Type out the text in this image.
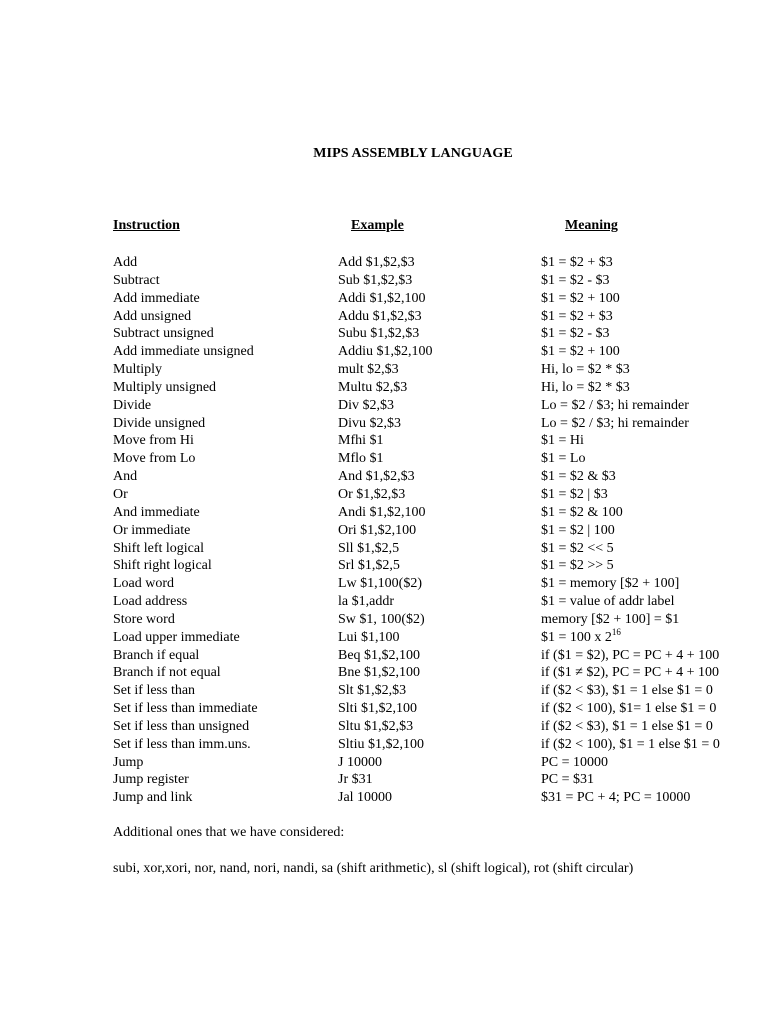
MIPS ASSEMBLY LANGUAGE
Instruction	Example	Meaning
Add	Add $1,$2,$3	$1 = $2 + $3
Subtract	Sub $1,$2,$3	$1 = $2 - $3
Add immediate	Addi $1,$2,100	$1 = $2 + 100
Add unsigned	Addu $1,$2,$3	$1 = $2 + $3
Subtract unsigned	Subu $1,$2,$3	$1 = $2 - $3
Add immediate unsigned	Addiu $1,$2,100	$1 = $2 + 100
Multiply	mult $2,$3	Hi, lo = $2 * $3
Multiply unsigned	Multu $2,$3	Hi, lo = $2 * $3
Divide	Div $2,$3	Lo = $2 / $3; hi remainder
Divide unsigned	Divu $2,$3	Lo = $2 / $3; hi remainder
Move from Hi	Mfhi $1	$1 = Hi
Move from Lo	Mflo $1	$1 = Lo
And	And $1,$2,$3	$1 = $2 & $3
Or	Or $1,$2,$3	$1 = $2 | $3
And immediate	Andi $1,$2,100	$1 = $2 & 100
Or immediate	Ori $1,$2,100	$1 = $2 | 100
Shift left logical	Sll $1,$2,5	$1 = $2 << 5
Shift right logical	Srl $1,$2,5	$1 = $2 >> 5
Load word	Lw $1,100($2)	$1 = memory [$2 + 100]
Load address	la $1,addr	$1 = value of addr label
Store word	Sw $1, 100($2)	memory [$2 + 100] = $1
Load upper immediate	Lui $1,100	$1 = 100 x $2^{16}$
Branch if equal	Beq $1,$2,100	if ($1 = $2), PC = PC + 4 + 100
Branch if not equal	Bne $1,$2,100	if ($1 ≠ $2), PC = PC + 4 + 100
Set if less than	Slt $1,$2,$3	if ($2 < $3), $1 = 1 else $1 = 0
Set if less than immediate	Slti $1,$2,100	if ($2 < 100), $1= 1 else $1 = 0
Set if less than unsigned	Sltu $1,$2,$3	if ($2 < $3), $1 = 1 else $1 = 0
Set if less than imm.uns.	Sltiu $1,$2,100	if ($2 < 100), $1 = 1 else $1 = 0
Jump	J 10000	PC = 10000
Jump register	Jr $31	PC = $31
Jump and link	Jal 10000	$31 = PC + 4; PC = 10000
Additional ones that we have considered:
subi, xor,xori, nor, nand, nori, nandi, sa (shift arithmetic), sl (shift logical), rot (shift circular)
